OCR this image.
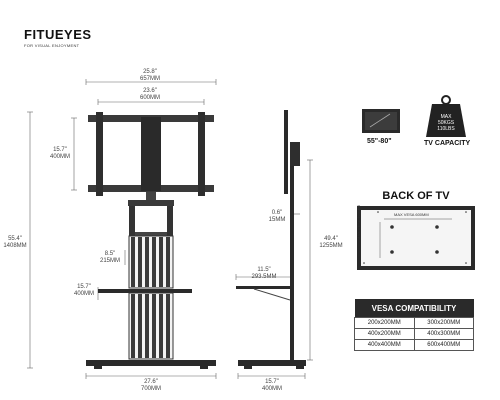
FITUEYES
FOR VISUAL ENJOYMENT
25.8"
657MM
23.6"
600MM
15.7"
400MM
55.4"
1408MM
8.5"
215MM
15.7"
400MM
27.6"
700MM
0.6"
15MM
49.4"
1255MM
11.5"
293.5MM
15.7"
400MM
55"-80"
MAX
50KGS
110LBS
TV CAPACITY
BACK OF TV
MAX VESA 600MM
MAX VESA 400MM
VESA COMPATIBILITY	
200x200MM	300x200MM
400x200MM	400x300MM
400x400MM	600x400MM
